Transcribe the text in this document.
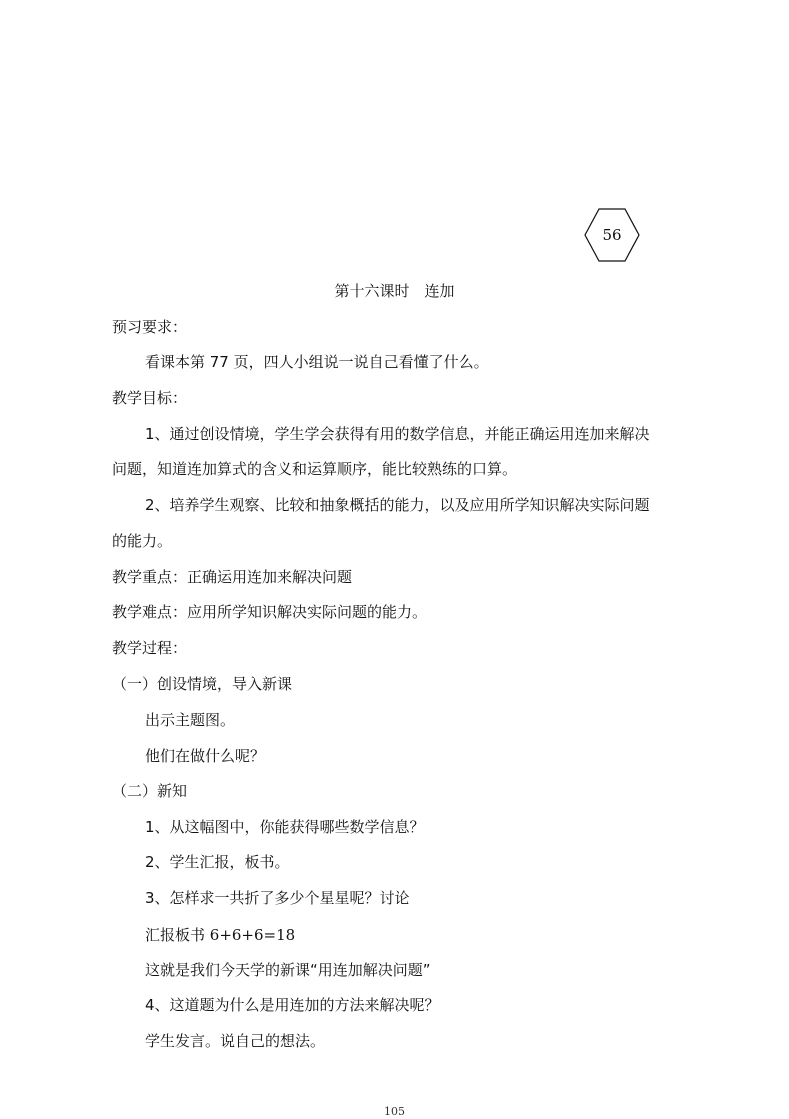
56
第十六课时　连加
预习要求：
看课本第 77 页，四人小组说一说自己看懂了什么。
教学目标：
1、通过创设情境，学生学会获得有用的数学信息，并能正确运用连加来解决
问题，知道连加算式的含义和运算顺序，能比较熟练的口算。
2、培养学生观察、比较和抽象概括的能力，以及应用所学知识解决实际问题
的能力。
教学重点：正确运用连加来解决问题
教学难点：应用所学知识解决实际问题的能力。
教学过程：
（一）创设情境，导入新课
出示主题图。
他们在做什么呢？
（二）新知
1、从这幅图中，你能获得哪些数学信息？
2、学生汇报，板书。
3、怎样求一共折了多少个星星呢？讨论
汇报板书 6+6+6=18
这就是我们今天学的新课“用连加解决问题”
4、这道题为什么是用连加的方法来解决呢？
学生发言。说自己的想法。
105
